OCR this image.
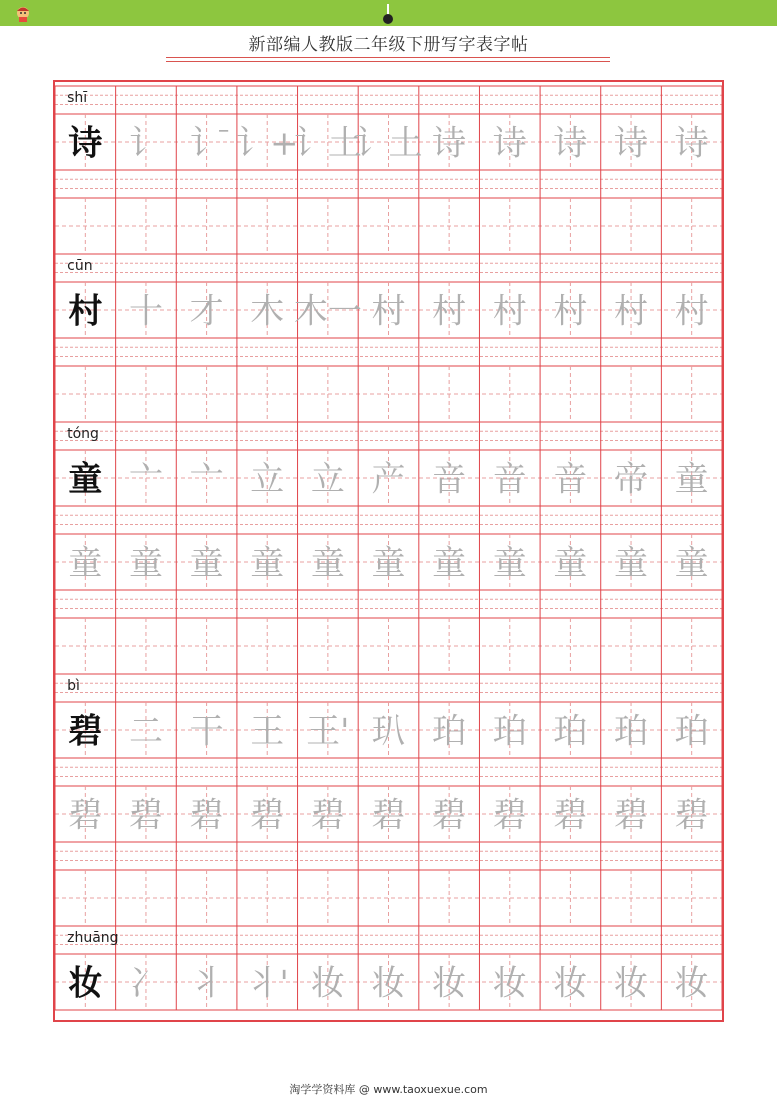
新部编人教版二年级下册写字表字帖
shī
诗 讠 讠̄ 讠+
讠土
讠土 诗 诗 诗 诗 诗
cūn
村 十 才 木 木一 村 村 村 村 村 村
tóng
童 亠 亠 立 立 产 音 音 音 帝 童
童 童 童 童 童 童 童 童 童 童 童
bì
碧 二 干 王 王' 玐 珀 珀 珀 珀 珀
碧 碧 碧 碧 碧 碧 碧 碧 碧 碧 碧
zhuāng
妆 冫 丬 丬' 妆 妆 妆 妆 妆 妆 妆
淘学学资料库 @ www.taoxuexue.com
